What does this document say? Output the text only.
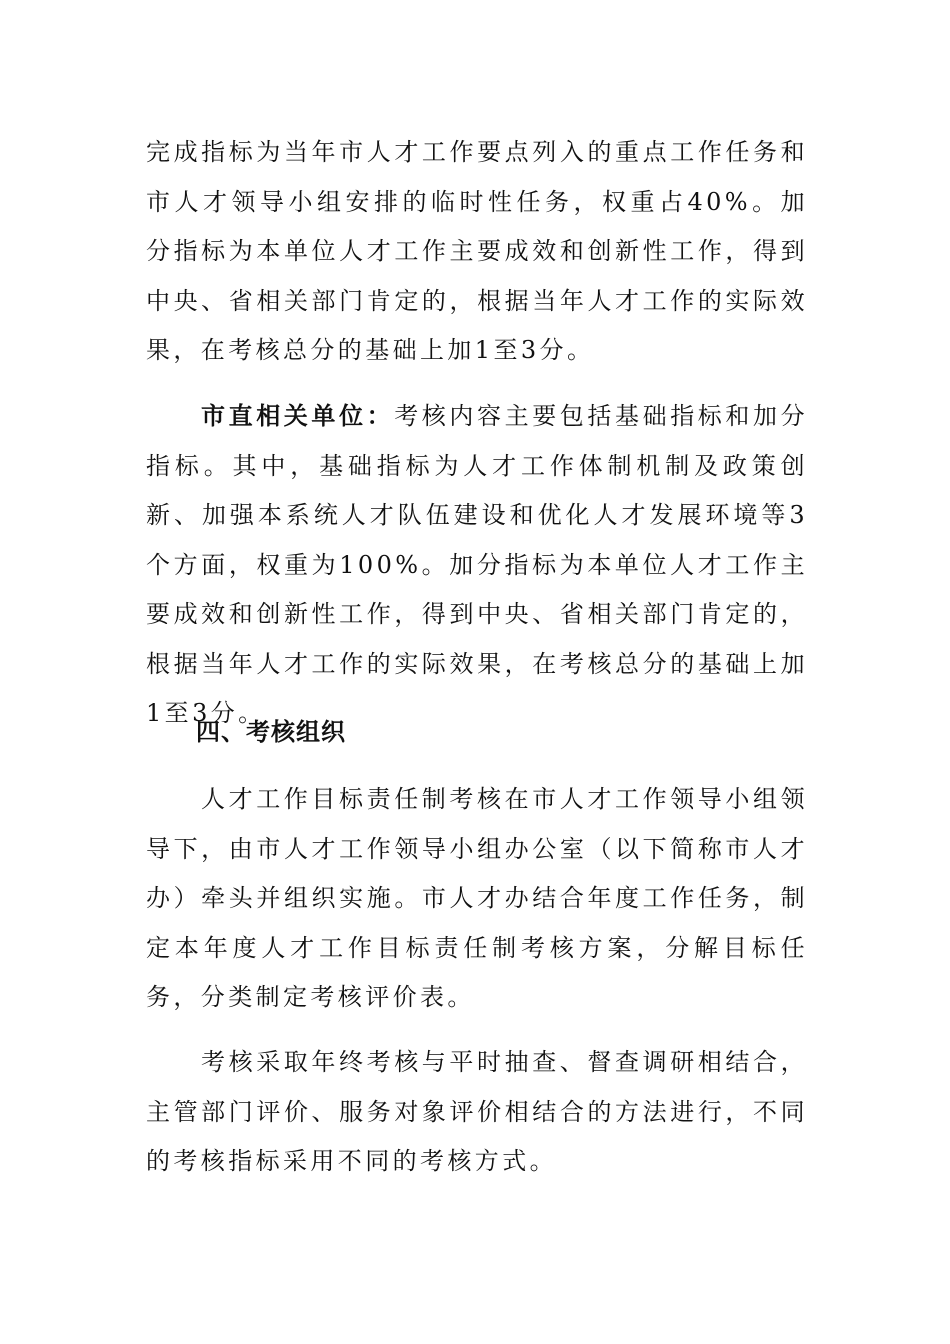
完成指标为当年市人才工作要点列入的重点工作任务和市人才领导小组安排的临时性任务，权重占40%。加分指标为本单位人才工作主要成效和创新性工作，得到中央、省相关部门肯定的，根据当年人才工作的实际效果，在考核总分的基础上加1至3分。

市直相关单位：考核内容主要包括基础指标和加分指标。其中，基础指标为人才工作体制机制及政策创新、加强本系统人才队伍建设和优化人才发展环境等3个方面，权重为100%。加分指标为本单位人才工作主要成效和创新性工作，得到中央、省相关部门肯定的，根据当年人才工作的实际效果，在考核总分的基础上加1至3分。

四、考核组织

人才工作目标责任制考核在市人才工作领导小组领导下，由市人才工作领导小组办公室（以下简称市人才办）牵头并组织实施。市人才办结合年度工作任务，制定本年度人才工作目标责任制考核方案，分解目标任务，分类制定考核评价表。

考核采取年终考核与平时抽查、督查调研相结合，主管部门评价、服务对象评价相结合的方法进行，不同的考核指标采用不同的考核方式。
